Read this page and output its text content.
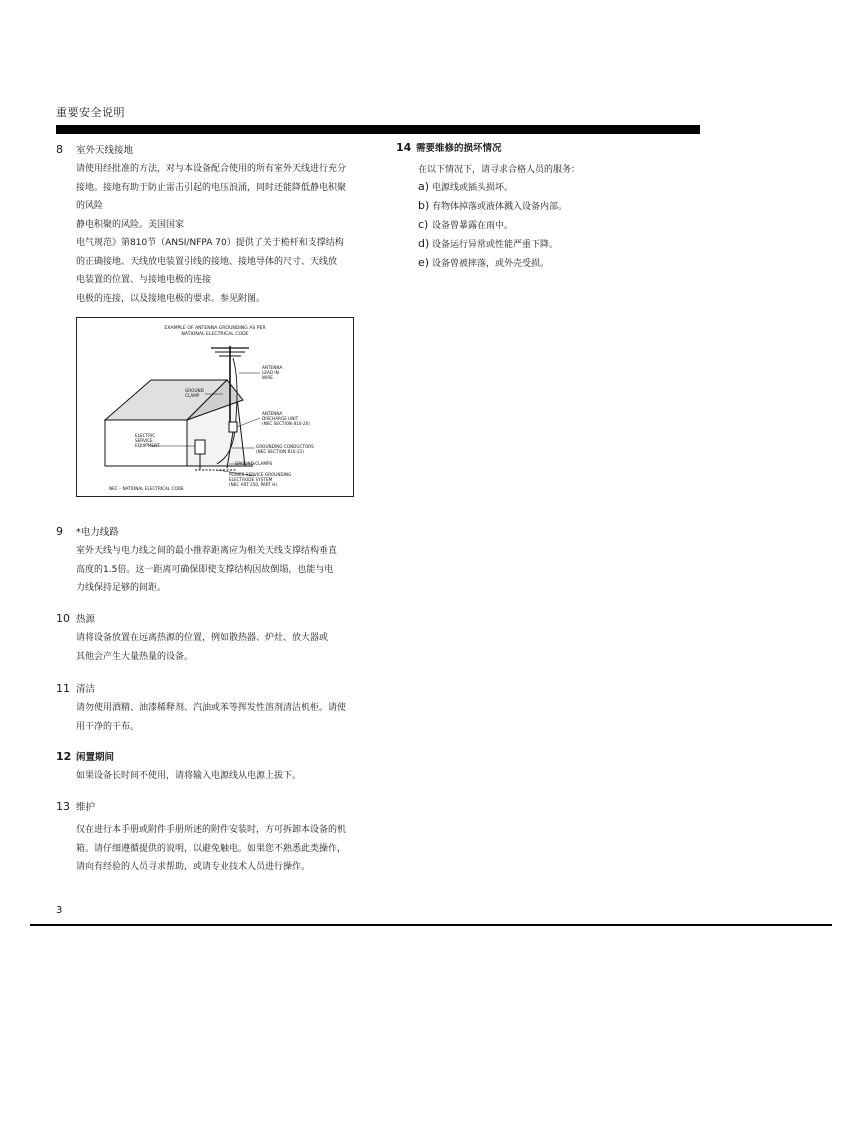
重要安全说明
8	室外天线接地

请使用经批准的方法，对与本设备配合使用的所有室外天线进行充分

接地。接地有助于防止雷击引起的电压浪涌，同时还能降低静电积聚

的风险

静电积聚的风险。美国国家

电气规范》第810节（ANSI/NFPA 70）提供了关于桅杆和支撑结构

的正确接地、天线放电装置引线的接地、接地导体的尺寸、天线放

电装置的位置、与接地电极的连接

电极的连接，以及接地电极的要求。参见附图。

EXAMPLE OF ANTENNA GROUNDING AS PER
NATIONAL ELECTRICAL CODE
ANTENNA
LEAD IN
WIRE
GROUND
CLAMP
ANTENNA
DISCHARGE UNIT
(NEC SECTION 810-20)
ELECTRIC
SERVICE
EQUIPMENT	GROUNDING CONDUCTORS
(NEC SECTION 810-21)
GROUND CLAMPS
POWER SERVICE GROUNDING
ELECTRODE SYSTEM
(NEC ART 250, PART H)
NEC – NATIONAL ELECTRICAL CODE
9	*电力线路

室外天线与电力线之间的最小推荐距离应为相关天线支撑结构垂直

高度的1.5倍。这一距离可确保即使支撑结构因故倒塌，也能与电

力线保持足够的间距。

10 热源

请将设备放置在远离热源的位置，例如散热器、炉灶、放大器或

其他会产生大量热量的设备。

11 清洁

请勿使用酒精、油漆稀释剂、汽油或苯等挥发性溶剂清洁机柜。请使

用干净的干布。

12 闲置期间

如果设备长时间不使用，请将输入电源线从电源上拔下。

13 维护

仅在进行本手册或附件手册所述的附件安装时，方可拆卸本设备的机

箱。请仔细遵循提供的说明，以避免触电。如果您不熟悉此类操作，

请向有经验的人员寻求帮助，或请专业技术人员进行操作。

14 需要维修的损坏情况
在以下情况下，请寻求合格人员的服务：
a) 电源线或插头损坏。
b) 有物体掉落或液体溅入设备内部。
c) 设备曾暴露在雨中。
d) 设备运行异常或性能严重下降。
e) 设备曾被摔落，或外壳受损。
3
